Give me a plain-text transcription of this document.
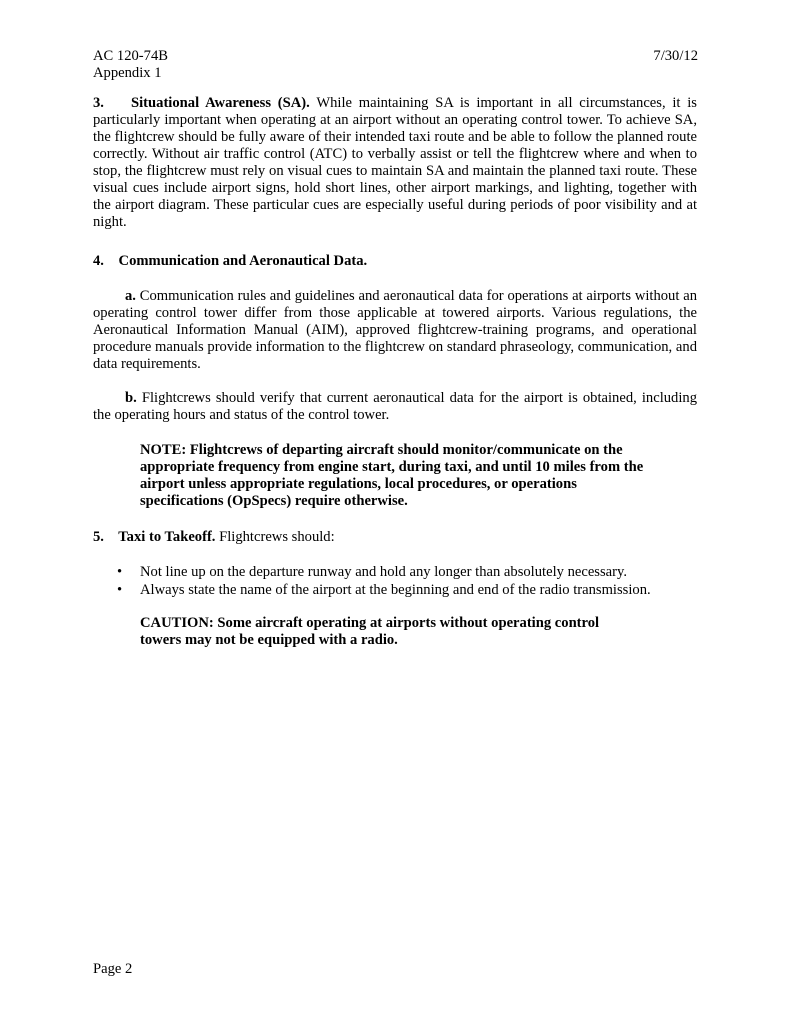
AC 120-74B
Appendix 1
7/30/12

3.    Situational Awareness (SA). While maintaining SA is important in all circumstances, it is particularly important when operating at an airport without an operating control tower. To achieve SA, the flightcrew should be fully aware of their intended taxi route and be able to follow the planned route correctly. Without air traffic control (ATC) to verbally assist or tell the flightcrew where and when to stop, the flightcrew must rely on visual cues to maintain SA and maintain the planned taxi route. These visual cues include airport signs, hold short lines, other airport markings, and lighting, together with the airport diagram. These particular cues are especially useful during periods of poor visibility and at night.

4.    Communication and Aeronautical Data.

a. Communication rules and guidelines and aeronautical data for operations at airports without an operating control tower differ from those applicable at towered airports. Various regulations, the Aeronautical Information Manual (AIM), approved flightcrew-training programs, and operational procedure manuals provide information to the flightcrew on standard phraseology, communication, and data requirements.

b. Flightcrews should verify that current aeronautical data for the airport is obtained, including the operating hours and status of the control tower.

NOTE: Flightcrews of departing aircraft should monitor/communicate on the appropriate frequency from engine start, during taxi, and until 10 miles from the airport unless appropriate regulations, local procedures, or operations specifications (OpSpecs) require otherwise.

5.    Taxi to Takeoff. Flightcrews should:

• Not line up on the departure runway and hold any longer than absolutely necessary.
• Always state the name of the airport at the beginning and end of the radio transmission.
CAUTION: Some aircraft operating at airports without operating control towers may not be equipped with a radio.
Page 2
